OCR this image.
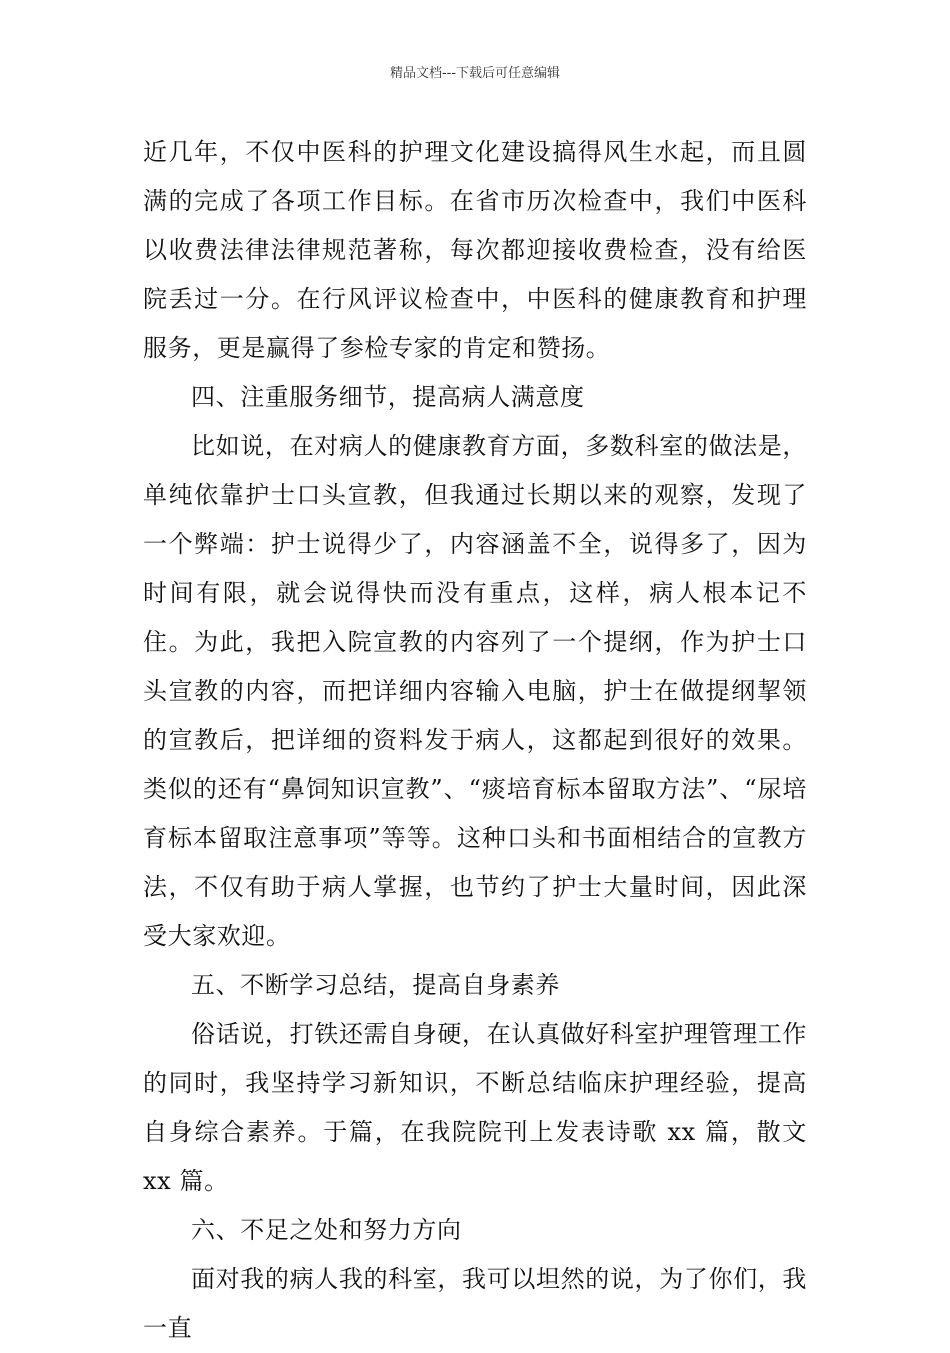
精品文档---下载后可任意编辑

近几年，不仅中医科的护理文化建设搞得风生水起，而且圆满的完成了各项工作目标。在省市历次检查中，我们中医科以收费法律法律规范著称，每次都迎接收费检查，没有给医院丢过一分。在行风评议检查中，中医科的健康教育和护理服务，更是赢得了参检专家的肯定和赞扬。

四、注重服务细节，提高病人满意度

比如说，在对病人的健康教育方面，多数科室的做法是，单纯依靠护士口头宣教，但我通过长期以来的观察，发现了一个弊端：护士说得少了，内容涵盖不全，说得多了，因为时间有限，就会说得快而没有重点，这样，病人根本记不住。为此，我把入院宣教的内容列了一个提纲，作为护士口头宣教的内容，而把详细内容输入电脑，护士在做提纲挈领的宣教后，把详细的资料发于病人，这都起到很好的效果。类似的还有“鼻饲知识宣教”、“痰培育标本留取方法”、“尿培育标本留取注意事项”等等。这种口头和书面相结合的宣教方法，不仅有助于病人掌握，也节约了护士大量时间，因此深受大家欢迎。

五、不断学习总结，提高自身素养

俗话说，打铁还需自身硬，在认真做好科室护理管理工作的同时，我坚持学习新知识，不断总结临床护理经验，提高自身综合素养。于篇，在我院院刊上发表诗歌 xx 篇，散文 xx 篇。

六、不足之处和努力方向

面对我的病人我的科室，我可以坦然的说，为了你们，我一直
